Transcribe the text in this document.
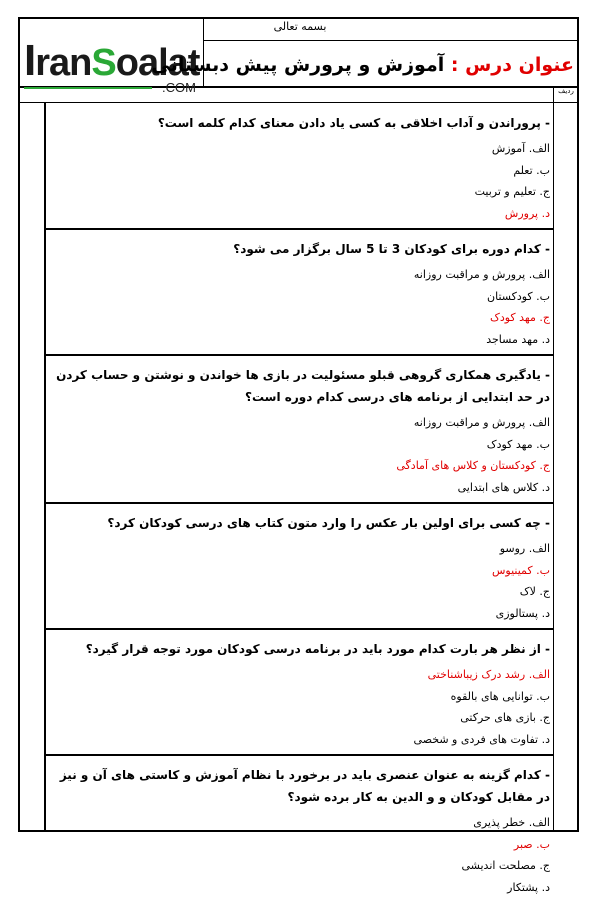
بسمه تعالی
IranSoalat
.COM
عنوان درس : آموزش و پرورش پیش دبستانی
ردیف
- پروراندن و آداب اخلاقی به کسی یاد دادن معنای کدام کلمه است؟
الف. آموزش
ب. تعلم
ج. تعلیم و تربیت
د. پرورش
- کدام دوره برای کودکان 3 تا 5 سال برگزار می شود؟
الف. پرورش و مراقبت روزانه
ب. کودکستان
ج. مهد کودک
د. مهد مساجد
- یادگیری همکاری گروهی قبلو مسئولیت در بازی ها خواندن و نوشتن و حساب کردن در حد ابتدایی از برنامه های درسی کدام دوره است؟
الف. پرورش و مراقبت روزانه
ب. مهد کودک
ج. کودکستان و کلاس های آمادگی
د. کلاس های ابتدایی
- چه کسی برای اولین بار عکس را وارد متون کتاب های درسی کودکان کرد؟
الف. روسو
ب. کمینیوس
ج. لاک
د. پستالوزی
- از نظر هر بارت کدام مورد باید در برنامه درسی کودکان مورد توجه قرار گیرد؟
الف. رشد درک زیباشناختی
ب. توانایی های بالقوه
ج. بازی های حرکتی
د. تفاوت های فردی و شخصی
- کدام گزینه به عنوان عنصری باید در برخورد با نظام آموزش و کاستی های آن و نیز در مقابل کودکان و و الدین به کار برده شود؟
الف. خطر پذیری
ب. صبر
ج. مصلحت اندیشی
د. پشتکار
